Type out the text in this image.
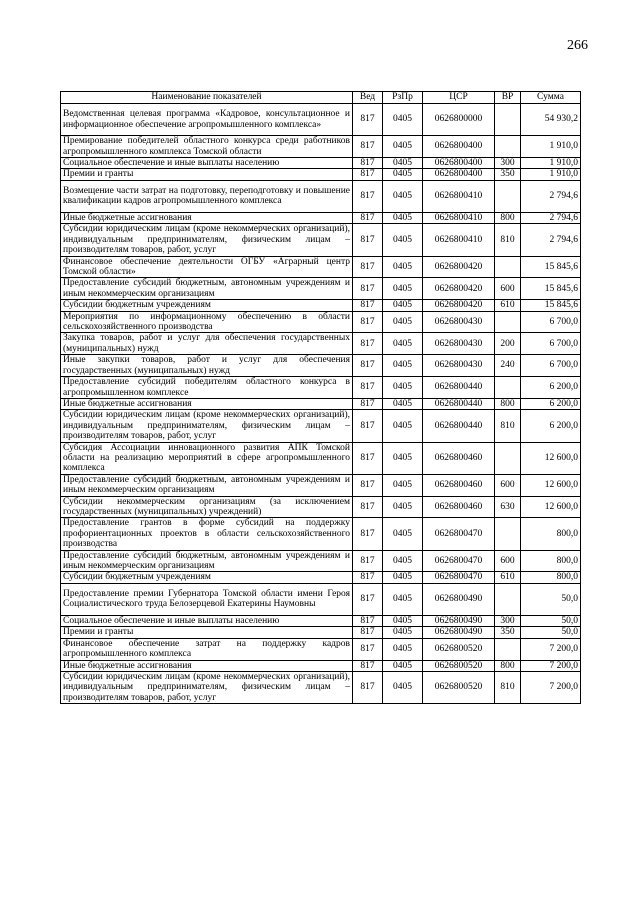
266
Наименование показателей	Вед	РзПр	ЦСР	ВР	Сумма
Ведомственная целевая программа «Кадровое, консультационное и информационное обеспечение агропромышленного комплекса»	817	0405	0626800000		54 930,2
Премирование победителей областного конкурса среди работников агропромышленного комплекса Томской области	817	0405	0626800400		1 910,0
Социальное обеспечение и иные выплаты населению	817	0405	0626800400	300	1 910,0
Премии и гранты	817	0405	0626800400	350	1 910,0
Возмещение части затрат на подготовку, переподготовку и повышение квалификации кадров агропромышленного комплекса	817	0405	0626800410		2 794,6
Иные бюджетные ассигнования	817	0405	0626800410	800	2 794,6
Субсидии юридическим лицам (кроме некоммерческих организаций), индивидуальным предпринимателям, физическим лицам – производителям товаров, работ, услуг	817	0405	0626800410	810	2 794,6
Финансовое обеспечение деятельности ОГБУ «Аграрный центр Томской области»	817	0405	0626800420		15 845,6
Предоставление субсидий бюджетным, автономным учреждениям и иным некоммерческим организациям	817	0405	0626800420	600	15 845,6
Субсидии бюджетным учреждениям	817	0405	0626800420	610	15 845,6
Мероприятия по информационному обеспечению в области сельскохозяйственного производства	817	0405	0626800430		6 700,0
Закупка товаров, работ и услуг для обеспечения государственных (муниципальных) нужд	817	0405	0626800430	200	6 700,0
Иные закупки товаров, работ и услуг для обеспечения государственных (муниципальных) нужд	817	0405	0626800430	240	6 700,0
Предоставление субсидий победителям областного конкурса в агропромышленном комплексе	817	0405	0626800440		6 200,0
Иные бюджетные ассигнования	817	0405	0626800440	800	6 200,0
Субсидии юридическим лицам (кроме некоммерческих организаций), индивидуальным предпринимателям, физическим лицам – производителям товаров, работ, услуг	817	0405	0626800440	810	6 200,0
Субсидия Ассоциации инновационного развития АПК Томской области на реализацию мероприятий в сфере агропромышленного комплекса	817	0405	0626800460		12 600,0
Предоставление субсидий бюджетным, автономным учреждениям и иным некоммерческим организациям	817	0405	0626800460	600	12 600,0
Субсидии некоммерческим организациям (за исключением государственных (муниципальных) учреждений)	817	0405	0626800460	630	12 600,0
Предоставление грантов в форме субсидий на поддержку профориентационных проектов в области сельскохозяйственного производства	817	0405	0626800470		800,0
Предоставление субсидий бюджетным, автономным учреждениям и иным некоммерческим организациям	817	0405	0626800470	600	800,0
Субсидии бюджетным учреждениям	817	0405	0626800470	610	800,0
Предоставление премии Губернатора Томской области имени Героя Социалистического труда Белозерцевой Екатерины Наумовны	817	0405	0626800490		50,0
Социальное обеспечение и иные выплаты населению	817	0405	0626800490	300	50,0
Премии и гранты	817	0405	0626800490	350	50,0
Финансовое обеспечение затрат на поддержку кадров агропромышленного комплекса	817	0405	0626800520		7 200,0
Иные бюджетные ассигнования	817	0405	0626800520	800	7 200,0
Субсидии юридическим лицам (кроме некоммерческих организаций), индивидуальным предпринимателям, физическим лицам – производителям товаров, работ, услуг	817	0405	0626800520	810	7 200,0
